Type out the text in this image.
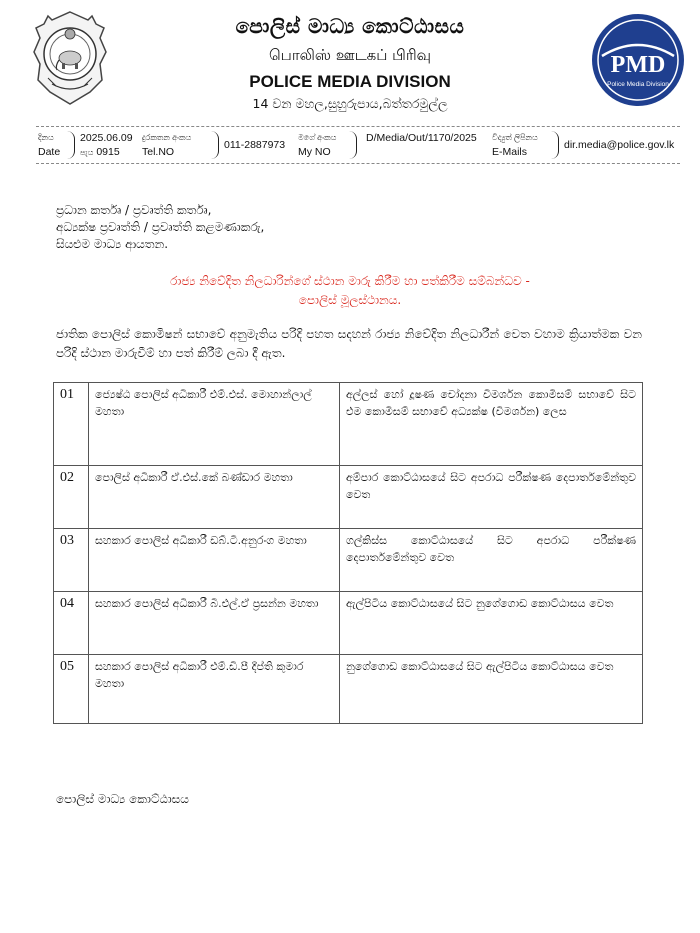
පොලිස් මාධ්‍ය කොට්ඨාසය
பொலிஸ் ஊடகப் பிரிவு
POLICE MEDIA DIVISION
14 වන මහල,සුහුරුපාය,බත්තරමුල්ල
PMD
Police Media Division
දිනය
Date
2025.06.09
පැය 0915
දුරකතන අංකය
Tel.NO
011-2887973
මගේ අංකය
My NO
D/Media/Out/1170/2025 විද්‍යුත් ලිපිනය
E-Mails
dir.media@police.gov.lk
ප්‍රධාන කර්තෘ / ප්‍රවෘත්ති කර්තෘ,
අධ්‍යක්ෂ ප්‍රවෘත්ති / ප්‍රවෘත්ති කළමණාකරු,
සියළුම මාධ්‍ය ආයතන.
රාජ්‍ය නිවේදිත නිලධාරින්ගේ ස්ථාන මාරු කිරීම හා පත්කිරීම සම්බන්ධව -
පොලිස් මූලස්ථානය.
ජාතික පොලිස් කොමිෂන් සභාවේ අනුමැතිය පරිදි පහත සදහන් රාජ්‍ය නිවේදිත නිලධාරීන් වෙත වහාම ක්‍රියාත්මක වන පරිදි ස්ථාන මාරුවීම් හා පත් කිරීම් ලබා දී ඇත.
01	ජ්‍යෙෂ්ඨ පොලිස් අධිකාරී එම්.එස්. මොහාන්ලාල් මහතා	අල්ලස් හෝ දූෂණ චෝදනා විමර්ශන කොමිසම් සභාවේ සිට එම කොමිසම් සභාවේ අධ්‍යක්ෂ (විමර්ශන) ලෙස
02	පොලිස් අධිකාරී ඒ.එස්.කේ බණ්ඩාර මහතා	අම්පාර කොට්ඨාසයේ සිට අපරාධ පරීක්ෂණ දෙපාර්තමේන්තුව වෙත
03	සහකාර පොලිස් අධිකාරී ඩබ්.ටී.අනුරංග මහතා	ගල්කිස්ස කොට්ඨාසයේ සිට අපරාධ පරීක්ෂණ දෙපාර්තමේන්තුව වෙත
04	සහකාර පොලිස් අධිකාරී බී.එල්.ඒ ප්‍රසන්න මහතා	ඇල්පිටිය කොට්ඨාසයේ සිට නුගේගොඩ කොට්ඨාසය වෙත
05	සහකාර පොලිස් අධිකාරී එම්.ඩී.පී දීප්ති කුමාර මහතා	නුගේගොඩ කොට්ඨාසයේ සිට ඇල්පිටිය කොට්ඨාසය වෙත
පොලිස් මාධ්‍ය කොට්ඨාසය
